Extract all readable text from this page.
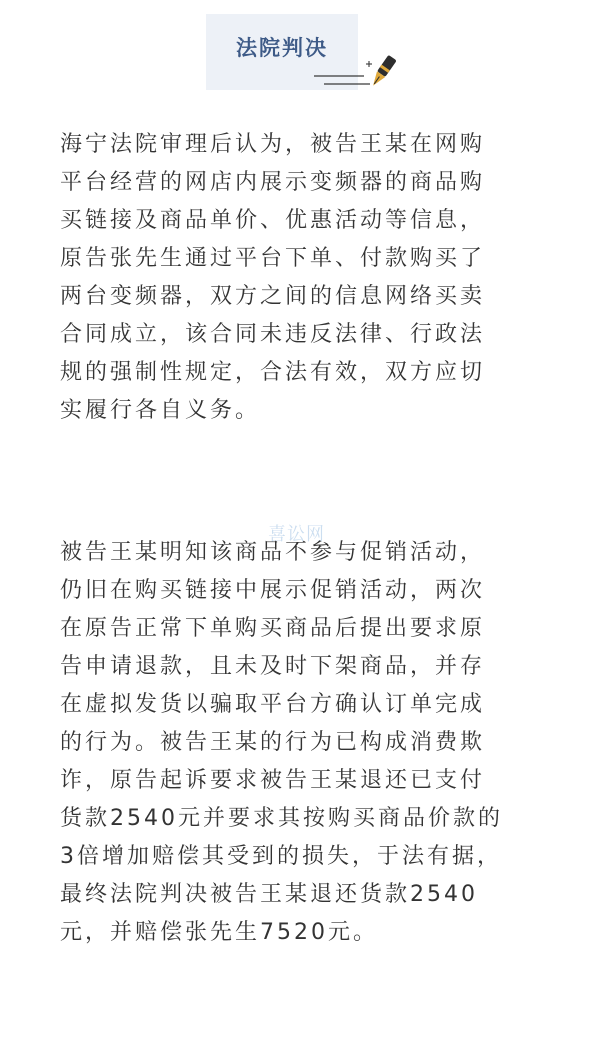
法院判决
喜讼网
海宁法院审理后认为，被告王某在网购
平台经营的网店内展示变频器的商品购
买链接及商品单价、优惠活动等信息，
原告张先生通过平台下单、付款购买了
两台变频器，双方之间的信息网络买卖
合同成立，该合同未违反法律、行政法
规的强制性规定，合法有效，双方应切
实履行各自义务。
被告王某明知该商品不参与促销活动，
仍旧在购买链接中展示促销活动，两次
在原告正常下单购买商品后提出要求原
告申请退款，且未及时下架商品，并存
在虚拟发货以骗取平台方确认订单完成
的行为。被告王某的行为已构成消费欺
诈，原告起诉要求被告王某退还已支付
货款2540元并要求其按购买商品价款的
3倍增加赔偿其受到的损失，于法有据，
最终法院判决被告王某退还货款2540
元，并赔偿张先生7520元。
